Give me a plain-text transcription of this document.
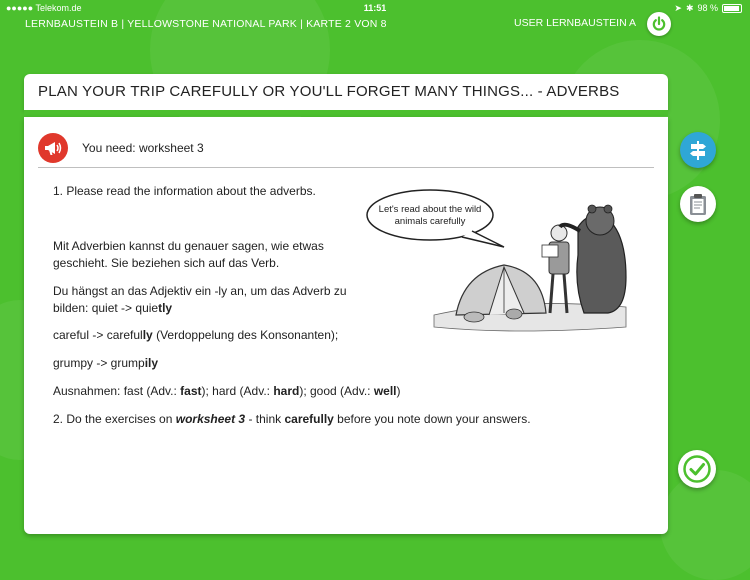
●●●●● Telekom.de	11:51	➤ ✱ 98 %
LERNBAUSTEIN B | YELLOWSTONE NATIONAL PARK | KARTE 2 VON 8	USER LERNBAUSTEIN A
PLAN YOUR TRIP CAREFULLY OR YOU'LL FORGET MANY THINGS... - ADVERBS
You need: worksheet 3
1. Please read the information about the adverbs.
Mit Adverbien kannst du genauer sagen, wie etwas
geschieht. Sie beziehen sich auf das Verb.
Du hängst an das Adjektiv ein -ly an, um das Adverb zu
bilden: quiet -> quietly
careful -> carefully (Verdoppelung des Konsonanten);
grumpy -> grumpily
Ausnahmen: fast (Adv.: fast); hard (Adv.: hard); good (Adv.: well)
2. Do the exercises on worksheet 3 - think carefully before you note down your answers.
Let's read about the wild
animals carefully
